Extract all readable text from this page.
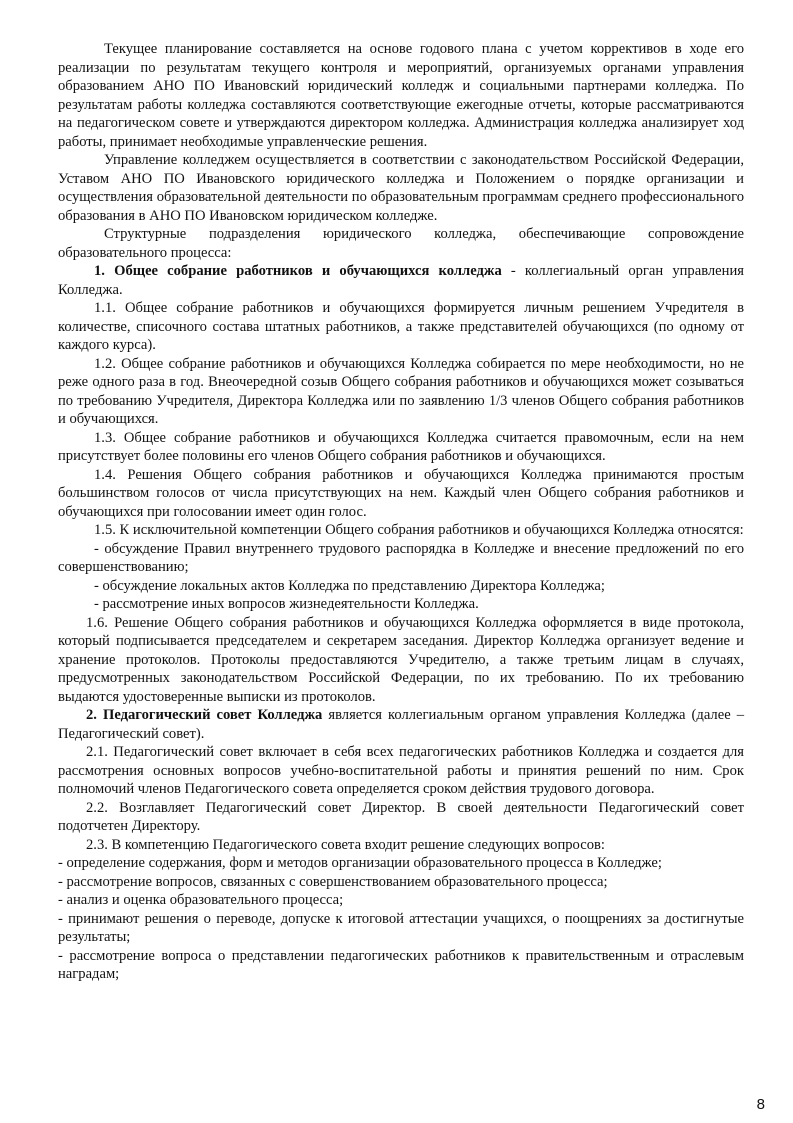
Текущее планирование составляется на основе годового плана с учетом коррективов в ходе его реализации по результатам текущего контроля и мероприятий, организуемых органами управления образованием АНО ПО Ивановский юридический колледж и социальными партнерами колледжа. По результатам работы колледжа составляются соответствующие ежегодные отчеты, которые рассматриваются на педагогическом совете и утверждаются директором колледжа. Администрация колледжа анализирует ход работы, принимает необходимые управленческие решения.

Управление колледжем осуществляется в соответствии с законодательством Российской Федерации, Уставом АНО ПО Ивановского юридического колледжа и Положением о порядке организации и осуществления образовательной деятельности по образовательным программам среднего профессионального образования в АНО ПО Ивановском юридическом колледже.

Структурные подразделения юридического колледжа, обеспечивающие сопровождение образовательного процесса:

1. Общее собрание работников и обучающихся колледжа - коллегиальный орган управления Колледжа.

1.1. Общее собрание работников и обучающихся формируется личным решением Учредителя в количестве, списочного состава штатных работников, а также представителей обучающихся (по одному от каждого курса).

1.2. Общее собрание работников и обучающихся Колледжа собирается по мере необходимости, но не реже одного раза в год. Внеочередной созыв Общего собрания работников и обучающихся может созываться по требованию Учредителя, Директора Колледжа или по заявлению 1/3 членов Общего собрания работников и обучающихся.

1.3. Общее собрание работников и обучающихся Колледжа считается правомочным, если на нем присутствует более половины его членов Общего собрания работников и обучающихся.

1.4. Решения Общего собрания работников и обучающихся Колледжа принимаются простым большинством голосов от числа присутствующих на нем. Каждый член Общего собрания работников и обучающихся при голосовании имеет один голос.

1.5. К исключительной компетенции Общего собрания работников и обучающихся Колледжа относятся:

- обсуждение Правил внутреннего трудового распорядка в Колледже и внесение предложений по его совершенствованию;

- обсуждение локальных актов Колледжа по представлению Директора Колледжа;

- рассмотрение иных вопросов жизнедеятельности Колледжа.

1.6. Решение Общего собрания работников и обучающихся Колледжа оформляется в виде протокола, который подписывается председателем и секретарем заседания. Директор Колледжа организует ведение и хранение протоколов. Протоколы предоставляются Учредителю, а также третьим лицам в случаях, предусмотренных законодательством Российской Федерации, по их требованию. По их требованию выдаются удостоверенные выписки из протоколов.

2. Педагогический совет Колледжа является коллегиальным органом управления Колледжа (далее – Педагогический совет).

2.1. Педагогический совет включает в себя всех педагогических работников Колледжа и создается для рассмотрения основных вопросов учебно-воспитательной работы и принятия решений по ним. Срок полномочий членов Педагогического совета определяется сроком действия трудового договора.

2.2. Возглавляет Педагогический совет Директор. В своей деятельности Педагогический совет подотчетен Директору.

2.3. В компетенцию Педагогического совета входит решение следующих вопросов:

- определение содержания, форм и методов организации образовательного процесса в Колледже;

- рассмотрение вопросов, связанных с совершенствованием образовательного процесса;

- анализ и оценка образовательного процесса;

- принимают решения о переводе, допуске к итоговой аттестации учащихся, о поощрениях за достигнутые результаты;

- рассмотрение вопроса о представлении педагогических работников к правительственным и отраслевым наградам;

8
